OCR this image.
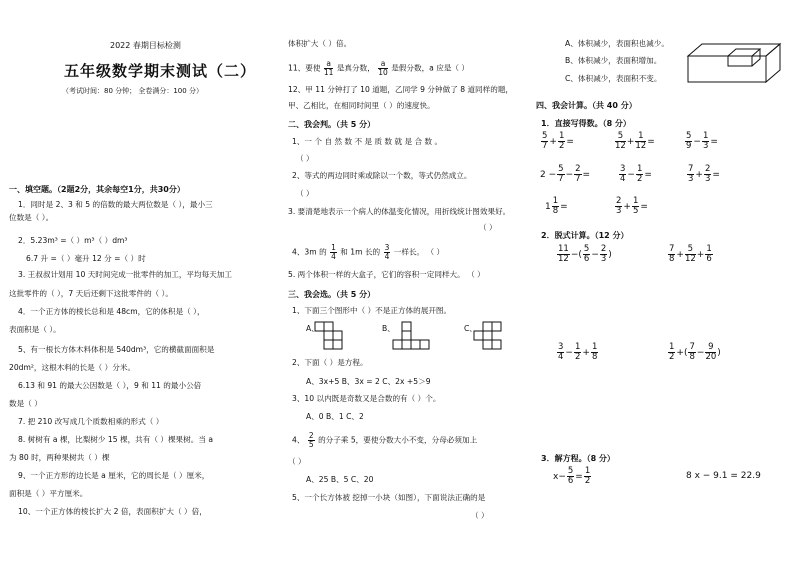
2022 春期目标检测
五年级数学期末测试（二）
（考试时间：80 分钟； 全卷满分：100 分）
一、填空题。（2题2分，其余每空1分，共30分）
1．同时是 2、3 和 5 的倍数的最大两位数是（ ），最小三
位数是（ ）。
2．5.23m³ =（ ）m³（ ）dm³
6.7 升 =（ ）毫升 12 分 =（ ）时
3. 王叔叔计划用 10 天时间完成一批零件的加工，平均每天加工
这批零件的（ ），7 天后还剩下这批零件的（ ）。
4．一个正方体的棱长总和是 48cm，它的体积是（ ），
表面积是（ ）。
5、有一根长方体木料体积是 540dm³，它的横截面面积是
20dm²，这根木料的长是（ ）分米。
6.13 和 91 的最大公因数是（ ），9 和 11 的最小公倍
数是（ ）
7. 把 210 改写成几个质数相乘的形式（ ）
8. 树树有 a 棵，比梨树少 15 棵，共有（ ）棵果树。当 a
为 80 时，两种果树共（ ）棵
9、一个正方形的边长是 a 厘米，它的周长是（ ）厘米，
面积是（ ）平方厘米。
10、一个正方体的棱长扩大 2 倍，表面积扩大（ ）倍，
体积扩大（ ）倍。
11、要使 $\frac{a}{11}$ 是真分数， $\frac{a}{10}$ 是假分数，a 应是（ ）
12、甲 11 分钟打了 10 道题，乙同学 9 分钟做了 8 道同样的题，
甲、乙相比，在相同时间里（ ）的速度快。
二、我会判。（共 5 分）
1、一 个 自 然 数 不 是 质 数 就 是 合 数 。
（ ）
2、等式的两边同时乘或除以一个数，等式仍然成立。
（ ）
3. 要清楚地表示一个病人的体温变化情况，用折线统计图效果好。
（ ）
4、3m 的 $\frac{1}{4}$ 和 1m 长的 $\frac{3}{4}$ 一样长。 （ ）
5. 两个体积一样的大盒子，它们的容积一定同样大。 （ ）
三、我会选。（共 5 分）
1、下面三个图形中（ ）不是正方体的展开图。
A、	B、	C、
2、下面（ ）是方程。
A、3x+5 B、3x = 2 C、2x +5＞9
3、10 以内既是奇数又是合数的有（ ）个。
A、0 B、1 C、2
4、 $\frac{2}{5}$ 的分子乘 5，要使分数大小不变，分母必须加上
（ ）
A、25 B、5 C、20
5、一个长方体被 挖掉一小块（如图），下面说法正确的是
（ ）
A、体积减少，表面积也减少。
B、体积减少，表面积增加。
C、体积减少，表面积不变。
四、我会计算。（共 40 分）
1．直接写得数。（8 分）
$\frac{5}{7} + \frac{1}{2}$ =	$\frac{5}{12} + \frac{1}{12}$ =	$\frac{5}{9} - \frac{1}{3}$ =
$2 - \frac{5}{7} - \frac{2}{7}$ =	$\frac{3}{4} - \frac{1}{2}$ =	$\frac{7}{3} + \frac{2}{3}$ =
$1 \frac{1}{8}$ =	$\frac{2}{3} + \frac{1}{5}$ =
2．脱式计算。（12 分）
$\frac{11}{12}$ −( $\frac{5}{6} - \frac{2}{3}$ )	$\frac{7}{8} + \frac{5}{12} + \frac{1}{6}$
$\frac{3}{4} - \frac{1}{2} + \frac{1}{8}$	$\frac{1}{2}$ +( $\frac{7}{8} - \frac{9}{20}$ )
3．解方程。（8 分）
$x- \frac{5}{6} = \frac{1}{2}$	8 x − 9.1 = 22.9
